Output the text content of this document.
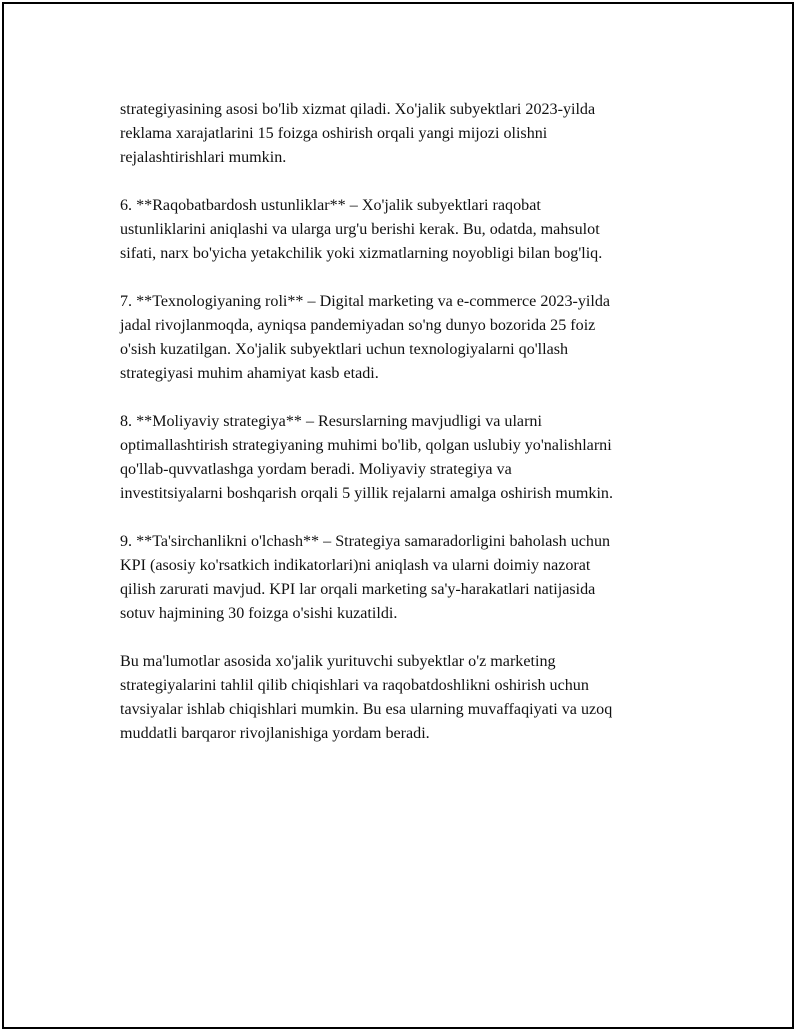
strategiyasining asosi bo'lib xizmat qiladi. Xo'jalik subyektlari 2023-yilda
reklama xarajatlarini 15 foizga oshirish orqali yangi mijozi olishni
rejalashtirishlari mumkin.

6. **Raqobatbardosh ustunliklar** – Xo'jalik subyektlari raqobat
ustunliklarini aniqlashi va ularga urg'u berishi kerak. Bu, odatda, mahsulot
sifati, narx bo'yicha yetakchilik yoki xizmatlarning noyobligi bilan bog'liq.

7. **Texnologiyaning roli** – Digital marketing va e-commerce 2023-yilda
jadal rivojlanmoqda, ayniqsa pandemiyadan so'ng dunyo bozorida 25 foiz
o'sish kuzatilgan. Xo'jalik subyektlari uchun texnologiyalarni qo'llash
strategiyasi muhim ahamiyat kasb etadi.

8. **Moliyaviy strategiya** – Resurslarning mavjudligi va ularni
optimallashtirish strategiyaning muhimi bo'lib, qolgan uslubiy yo'nalishlarni
qo'llab-quvvatlashga yordam beradi. Moliyaviy strategiya va
investitsiyalarni boshqarish orqali 5 yillik rejalarni amalga oshirish mumkin.

9. **Ta'sirchanlikni o'lchash** – Strategiya samaradorligini baholash uchun
KPI (asosiy ko'rsatkich indikatorlari)ni aniqlash va ularni doimiy nazorat
qilish zarurati mavjud. KPI lar orqali marketing sa'y-harakatlari natijasida
sotuv hajmining 30 foizga o'sishi kuzatildi.

Bu ma'lumotlar asosida xo'jalik yurituvchi subyektlar o'z marketing
strategiyalarini tahlil qilib chiqishlari va raqobatdoshlikni oshirish uchun
tavsiyalar ishlab chiqishlari mumkin. Bu esa ularning muvaffaqiyati va uzoq
muddatli barqaror rivojlanishiga yordam beradi.
